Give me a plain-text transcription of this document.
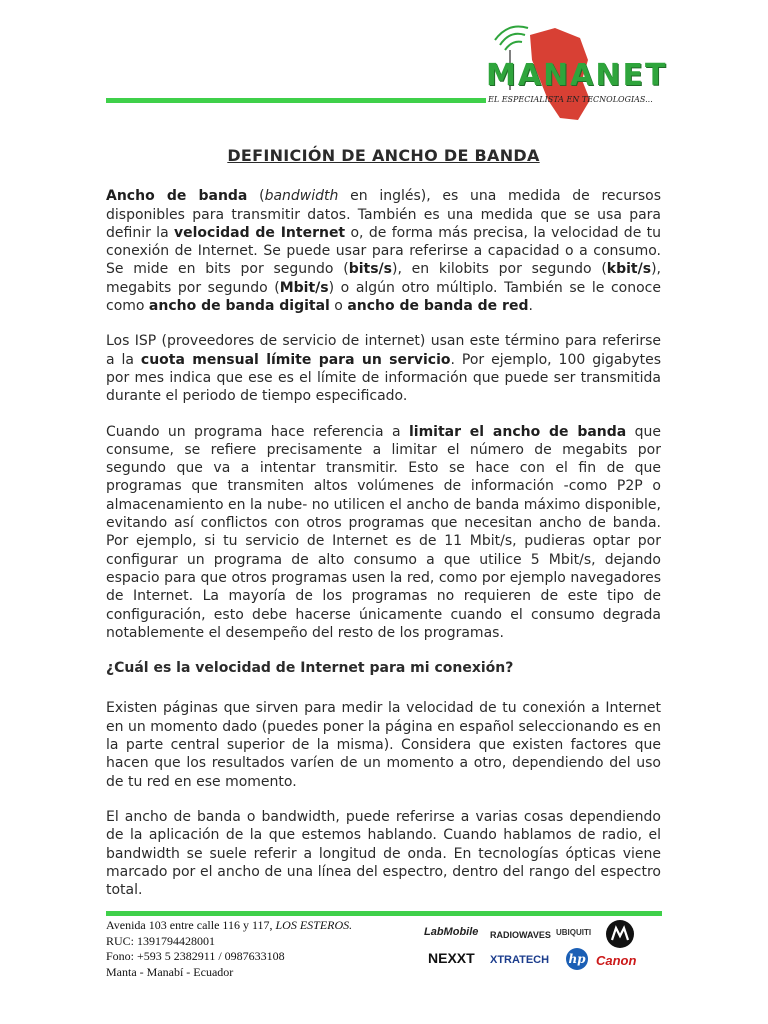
MANANET
EL ESPECIALISTA EN TECNOLOGIAS...
DEFINICIÓN DE ANCHO DE BANDA

Ancho de banda (bandwidth en inglés), es una medida de recursos disponibles para transmitir datos. También es una medida que se usa para definir la velocidad de Internet o, de forma más precisa, la velocidad de tu conexión de Internet. Se puede usar para referirse a capacidad o a consumo. Se mide en bits por segundo (bits/s), en kilobits por segundo (kbit/s), megabits por segundo (Mbit/s) o algún otro múltiplo. También se le conoce como ancho de banda digital o ancho de banda de red.

Los ISP (proveedores de servicio de internet) usan este término para referirse a la cuota mensual límite para un servicio. Por ejemplo, 100 gigabytes por mes indica que ese es el límite de información que puede ser transmitida durante el periodo de tiempo especificado.

Cuando un programa hace referencia a limitar el ancho de banda que consume, se refiere precisamente a limitar el número de megabits por segundo que va a intentar transmitir. Esto se hace con el fin de que programas que transmiten altos volúmenes de información -como P2P o almacenamiento en la nube- no utilicen el ancho de banda máximo disponible, evitando así conflictos con otros programas que necesitan ancho de banda. Por ejemplo, si tu servicio de Internet es de 11 Mbit/s, pudieras optar por configurar un programa de alto consumo a que utilice 5 Mbit/s, dejando espacio para que otros programas usen la red, como por ejemplo navegadores de Internet. La mayoría de los programas no requieren de este tipo de configuración, esto debe hacerse únicamente cuando el consumo degrada notablemente el desempeño del resto de los programas.

¿Cuál es la velocidad de Internet para mi conexión?

Existen páginas que sirven para medir la velocidad de tu conexión a Internet en un momento dado (puedes poner la página en español seleccionando es en la parte central superior de la misma). Considera que existen factores que hacen que los resultados varíen de un momento a otro, dependiendo del uso de tu red en ese momento.

El ancho de banda o bandwidth, puede referirse a varias cosas dependiendo de la aplicación de la que estemos hablando. Cuando hablamos de radio, el bandwidth se suele referir a longitud de onda. En tecnologías ópticas viene marcado por el ancho de una línea del espectro, dentro del rango del espectro total.

Avenida 103 entre calle 116 y 117, LOS ESTEROS.
RUC: 1391794428001
Fono: +593 5 2382911 / 0987633108
Manta - Manabí - Ecuador
LabMobile RADIOWAVES UBIQUITI
NEXXT XTRATECH hp Canon
